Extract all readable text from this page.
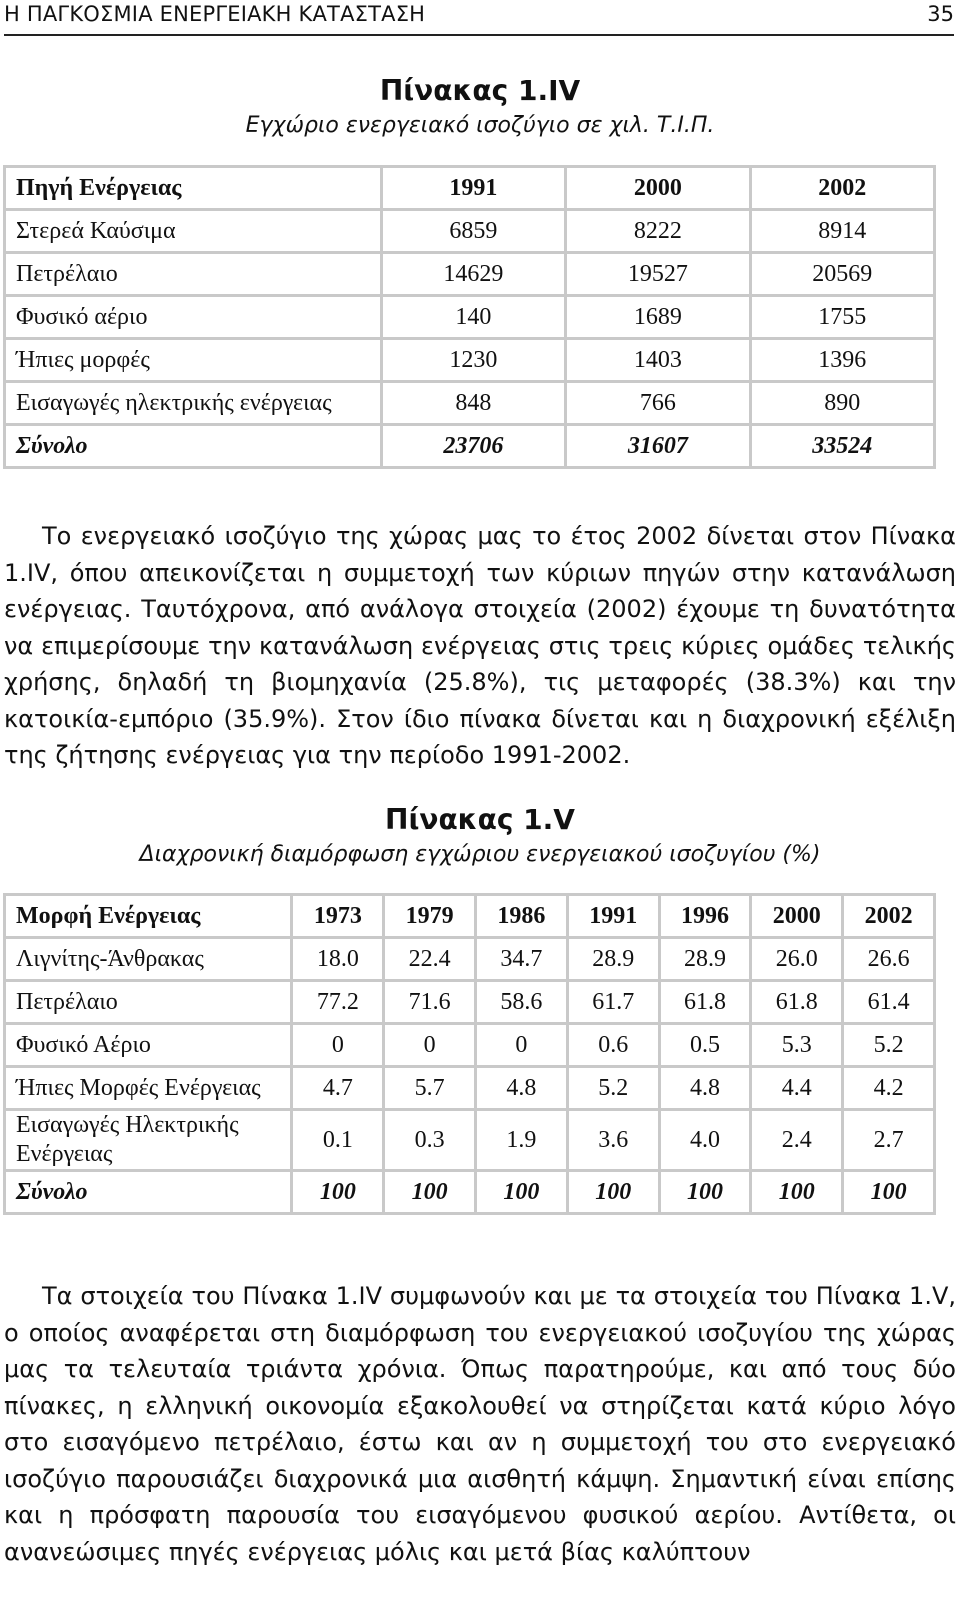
Η ΠΑΓΚΟΣΜΙΑ ΕΝΕΡΓΕΙΑΚΗ ΚΑΤΑΣΤΑΣΗ	35
Πίνακας 1.IV
Εγχώριο ενεργειακό ισοζύγιο σε χιλ. Τ.Ι.Π.
Πηγή Ενέργειας	1991	2000	2002
Στερεά Καύσιμα	6859	8222	8914
Πετρέλαιο	14629	19527	20569
Φυσικό αέριο	140	1689	1755
Ήπιες μορφές	1230	1403	1396
Εισαγωγές ηλεκτρικής ενέργειας	848	766	890
Σύνολο	23706	31607	33524

Το ενεργειακό ισοζύγιο της χώρας μας το έτος 2002 δίνεται στον Πίνακα 1.IV, όπου απεικονίζεται η συμμετοχή των κύριων πηγών στην κατανάλωση ενέργειας. Ταυτόχρονα, από ανάλογα στοιχεία (2002) έχουμε τη δυνατότητα να επιμερίσουμε την κατανάλωση ενέργειας στις τρεις κύριες ομάδες τελικής χρήσης, δηλαδή τη βιομηχανία (25.8%), τις μεταφορές (38.3%) και την κατοικία-εμπόριο (35.9%). Στον ίδιο πίνακα δίνεται και η διαχρονική εξέλιξη της ζήτησης ενέργειας για την περίοδο 1991-2002.

Πίνακας 1.V
Διαχρονική διαμόρφωση εγχώριου ενεργειακού ισοζυγίου (%)
Μορφή Ενέργειας	1973	1979	1986	1991	1996	2000	2002
Λιγνίτης-Άνθρακας	18.0	22.4	34.7	28.9	28.9	26.0	26.6
Πετρέλαιο	77.2	71.6	58.6	61.7	61.8	61.8	61.4
Φυσικό Αέριο	0	0	0	0.6	0.5	5.3	5.2
Ήπιες Μορφές Ενέργειας	4.7	5.7	4.8	5.2	4.8	4.4	4.2
Εισαγωγές Ηλεκτρικής Ενέργειας	0.1	0.3	1.9	3.6	4.0	2.4	2.7
Σύνολο	100	100	100	100	100	100	100

Τα στοιχεία του Πίνακα 1.IV συμφωνούν και με τα στοιχεία του Πίνακα 1.V, ο οποίος αναφέρεται στη διαμόρφωση του ενεργειακού ισοζυγίου της χώρας μας τα τελευταία τριάντα χρόνια. Όπως παρατηρούμε, και από τους δύο πίνακες, η ελληνική οικονομία εξακολουθεί να στηρίζεται κατά κύριο λόγο στο εισαγόμενο πετρέλαιο, έστω και αν η συμμετοχή του στο ενεργειακό ισοζύγιο παρουσιάζει διαχρονικά μια αισθητή κάμψη. Σημαντική είναι επίσης και η πρόσφατη παρουσία του εισαγόμενου φυσικού αερίου. Αντίθετα, οι ανανεώσιμες πηγές ενέργειας μόλις και μετά βίας καλύπτουν
